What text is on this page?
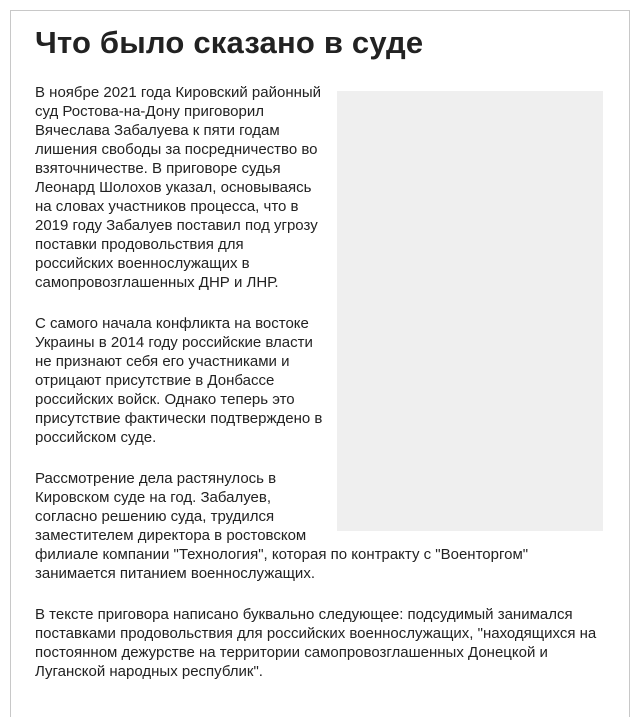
Что было сказано в суде

В ноябре 2021 года Кировский районный суд Ростова-на-Дону приговорил Вячеслава Забалуева к пяти годам лишения свободы за посредничество во взяточничестве. В приговоре судья Леонард Шолохов указал, основываясь на словах участников процесса, что в 2019 году Забалуев поставил под угрозу поставки продовольствия для российских военнослужащих в самопровозглашенных ДНР и ЛНР.

С самого начала конфликта на востоке Украины в 2014 году российские власти не признают себя его участниками и отрицают присутствие в Донбассе российских войск. Однако теперь это присутствие фактически подтверждено в российском суде.

Рассмотрение дела растянулось в Кировском суде на год. Забалуев, согласно решению суда, трудился заместителем директора в ростовском филиале компании "Технология", которая по контракту с "Военторгом" занимается питанием военнослужащих.

В тексте приговора написано буквально следующее: подсудимый занимался поставками продовольствия для российских военнослужащих, "находящихся на постоянном дежурстве на территории самопровозглашенных Донецкой и Луганской народных республик".
